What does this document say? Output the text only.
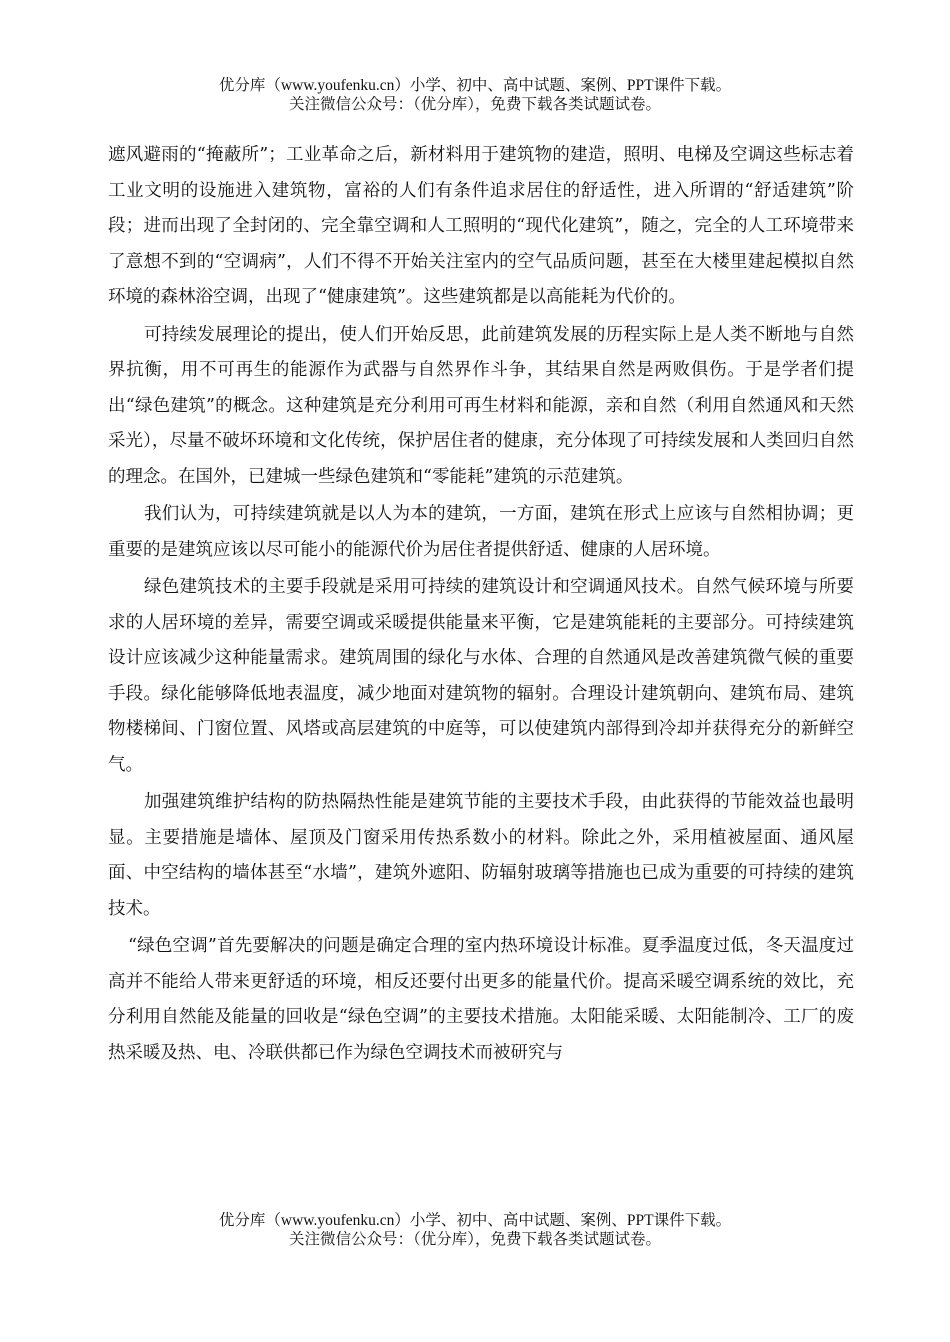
优分库（www.youfenku.cn）小学、初中、高中试题、案例、PPT课件下载。
关注微信公众号：（优分库），免费下载各类试题试卷。

遮风避雨的“掩蔽所”；工业革命之后，新材料用于建筑物的建造，照明、电梯及空调这些标志着工业文明的设施进入建筑物，富裕的人们有条件追求居住的舒适性，进入所谓的“舒适建筑”阶段；进而出现了全封闭的、完全靠空调和人工照明的“现代化建筑”，随之，完全的人工环境带来了意想不到的“空调病”，人们不得不开始关注室内的空气品质问题，甚至在大楼里建起模拟自然环境的森林浴空调，出现了“健康建筑”。这些建筑都是以高能耗为代价的。

可持续发展理论的提出，使人们开始反思，此前建筑发展的历程实际上是人类不断地与自然界抗衡，用不可再生的能源作为武器与自然界作斗争，其结果自然是两败俱伤。于是学者们提出“绿色建筑”的概念。这种建筑是充分利用可再生材料和能源，亲和自然（利用自然通风和天然采光），尽量不破坏环境和文化传统，保护居住者的健康，充分体现了可持续发展和人类回归自然的理念。在国外，已建城一些绿色建筑和“零能耗”建筑的示范建筑。

我们认为，可持续建筑就是以人为本的建筑，一方面，建筑在形式上应该与自然相协调；更重要的是建筑应该以尽可能小的能源代价为居住者提供舒适、健康的人居环境。

绿色建筑技术的主要手段就是采用可持续的建筑设计和空调通风技术。自然气候环境与所要求的人居环境的差异，需要空调或采暖提供能量来平衡，它是建筑能耗的主要部分。可持续建筑设计应该减少这种能量需求。建筑周围的绿化与水体、合理的自然通风是改善建筑微气候的重要手段。绿化能够降低地表温度，减少地面对建筑物的辐射。合理设计建筑朝向、建筑布局、建筑物楼梯间、门窗位置、风塔或高层建筑的中庭等，可以使建筑内部得到冷却并获得充分的新鲜空气。

加强建筑维护结构的防热隔热性能是建筑节能的主要技术手段，由此获得的节能效益也最明显。主要措施是墙体、屋顶及门窗采用传热系数小的材料。除此之外，采用植被屋面、通风屋面、中空结构的墙体甚至“水墙”，建筑外遮阳、防辐射玻璃等措施也已成为重要的可持续的建筑技术。

“绿色空调”首先要解决的问题是确定合理的室内热环境设计标准。夏季温度过低，冬天温度过高并不能给人带来更舒适的环境，相反还要付出更多的能量代价。提高采暖空调系统的效比，充分利用自然能及能量的回收是“绿色空调”的主要技术措施。太阳能采暖、太阳能制冷、工厂的废热采暖及热、电、冷联供都已作为绿色空调技术而被研究与

优分库（www.youfenku.cn）小学、初中、高中试题、案例、PPT课件下载。
关注微信公众号：（优分库），免费下载各类试题试卷。
